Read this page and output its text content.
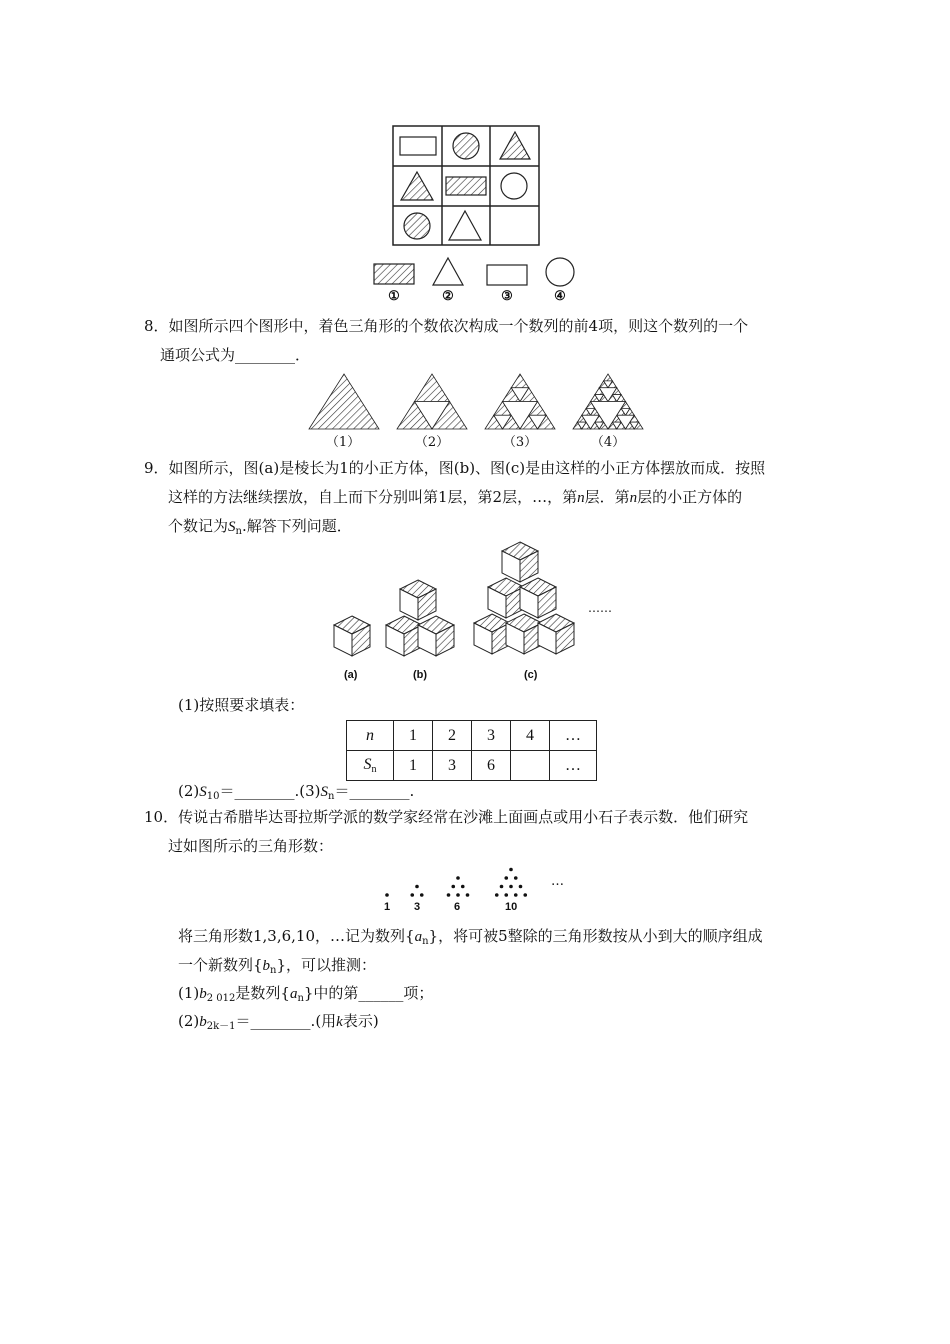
①	②	③	④
8．如图所示四个图形中，着色三角形的个数依次构成一个数列的前4项，则这个数列的一个
通项公式为________．
（1）	（2）	（3）	（4）
9．如图所示，图(a)是棱长为1的小正方体，图(b)、图(c)是由这样的小正方体摆放而成．按照
这样的方法继续摆放，自上而下分别叫第1层，第2层，…，第n层．第n层的小正方体的
个数记为$S_n$.解答下列问题．
(a)	(b)	(c)
……
(1)按照要求填表：
n	1	2	3	4	…
$S_n$	1	3	6		…
$(2)S_{10}=\_\_\_\_\_\_\_\_.(3)S_n=\_\_\_\_\_\_\_\_$.
10．传说古希腊毕达哥拉斯学派的数学家经常在沙滩上面画点或用小石子表示数．他们研究
过如图所示的三角形数：
1 3	6	10
…
将三角形数1,3,6,10，…记为数列$\{a_n\}$，将可被5整除的三角形数按从小到大的顺序组成
一个新数列$\{b_n\}$，可以推测：
$(1)b_{2 012}$是数列$\{a_n\}$中的第______项；
$(2)b_{2k-1}=\_\_\_\_\_\_\_\_$.(用k表示)
